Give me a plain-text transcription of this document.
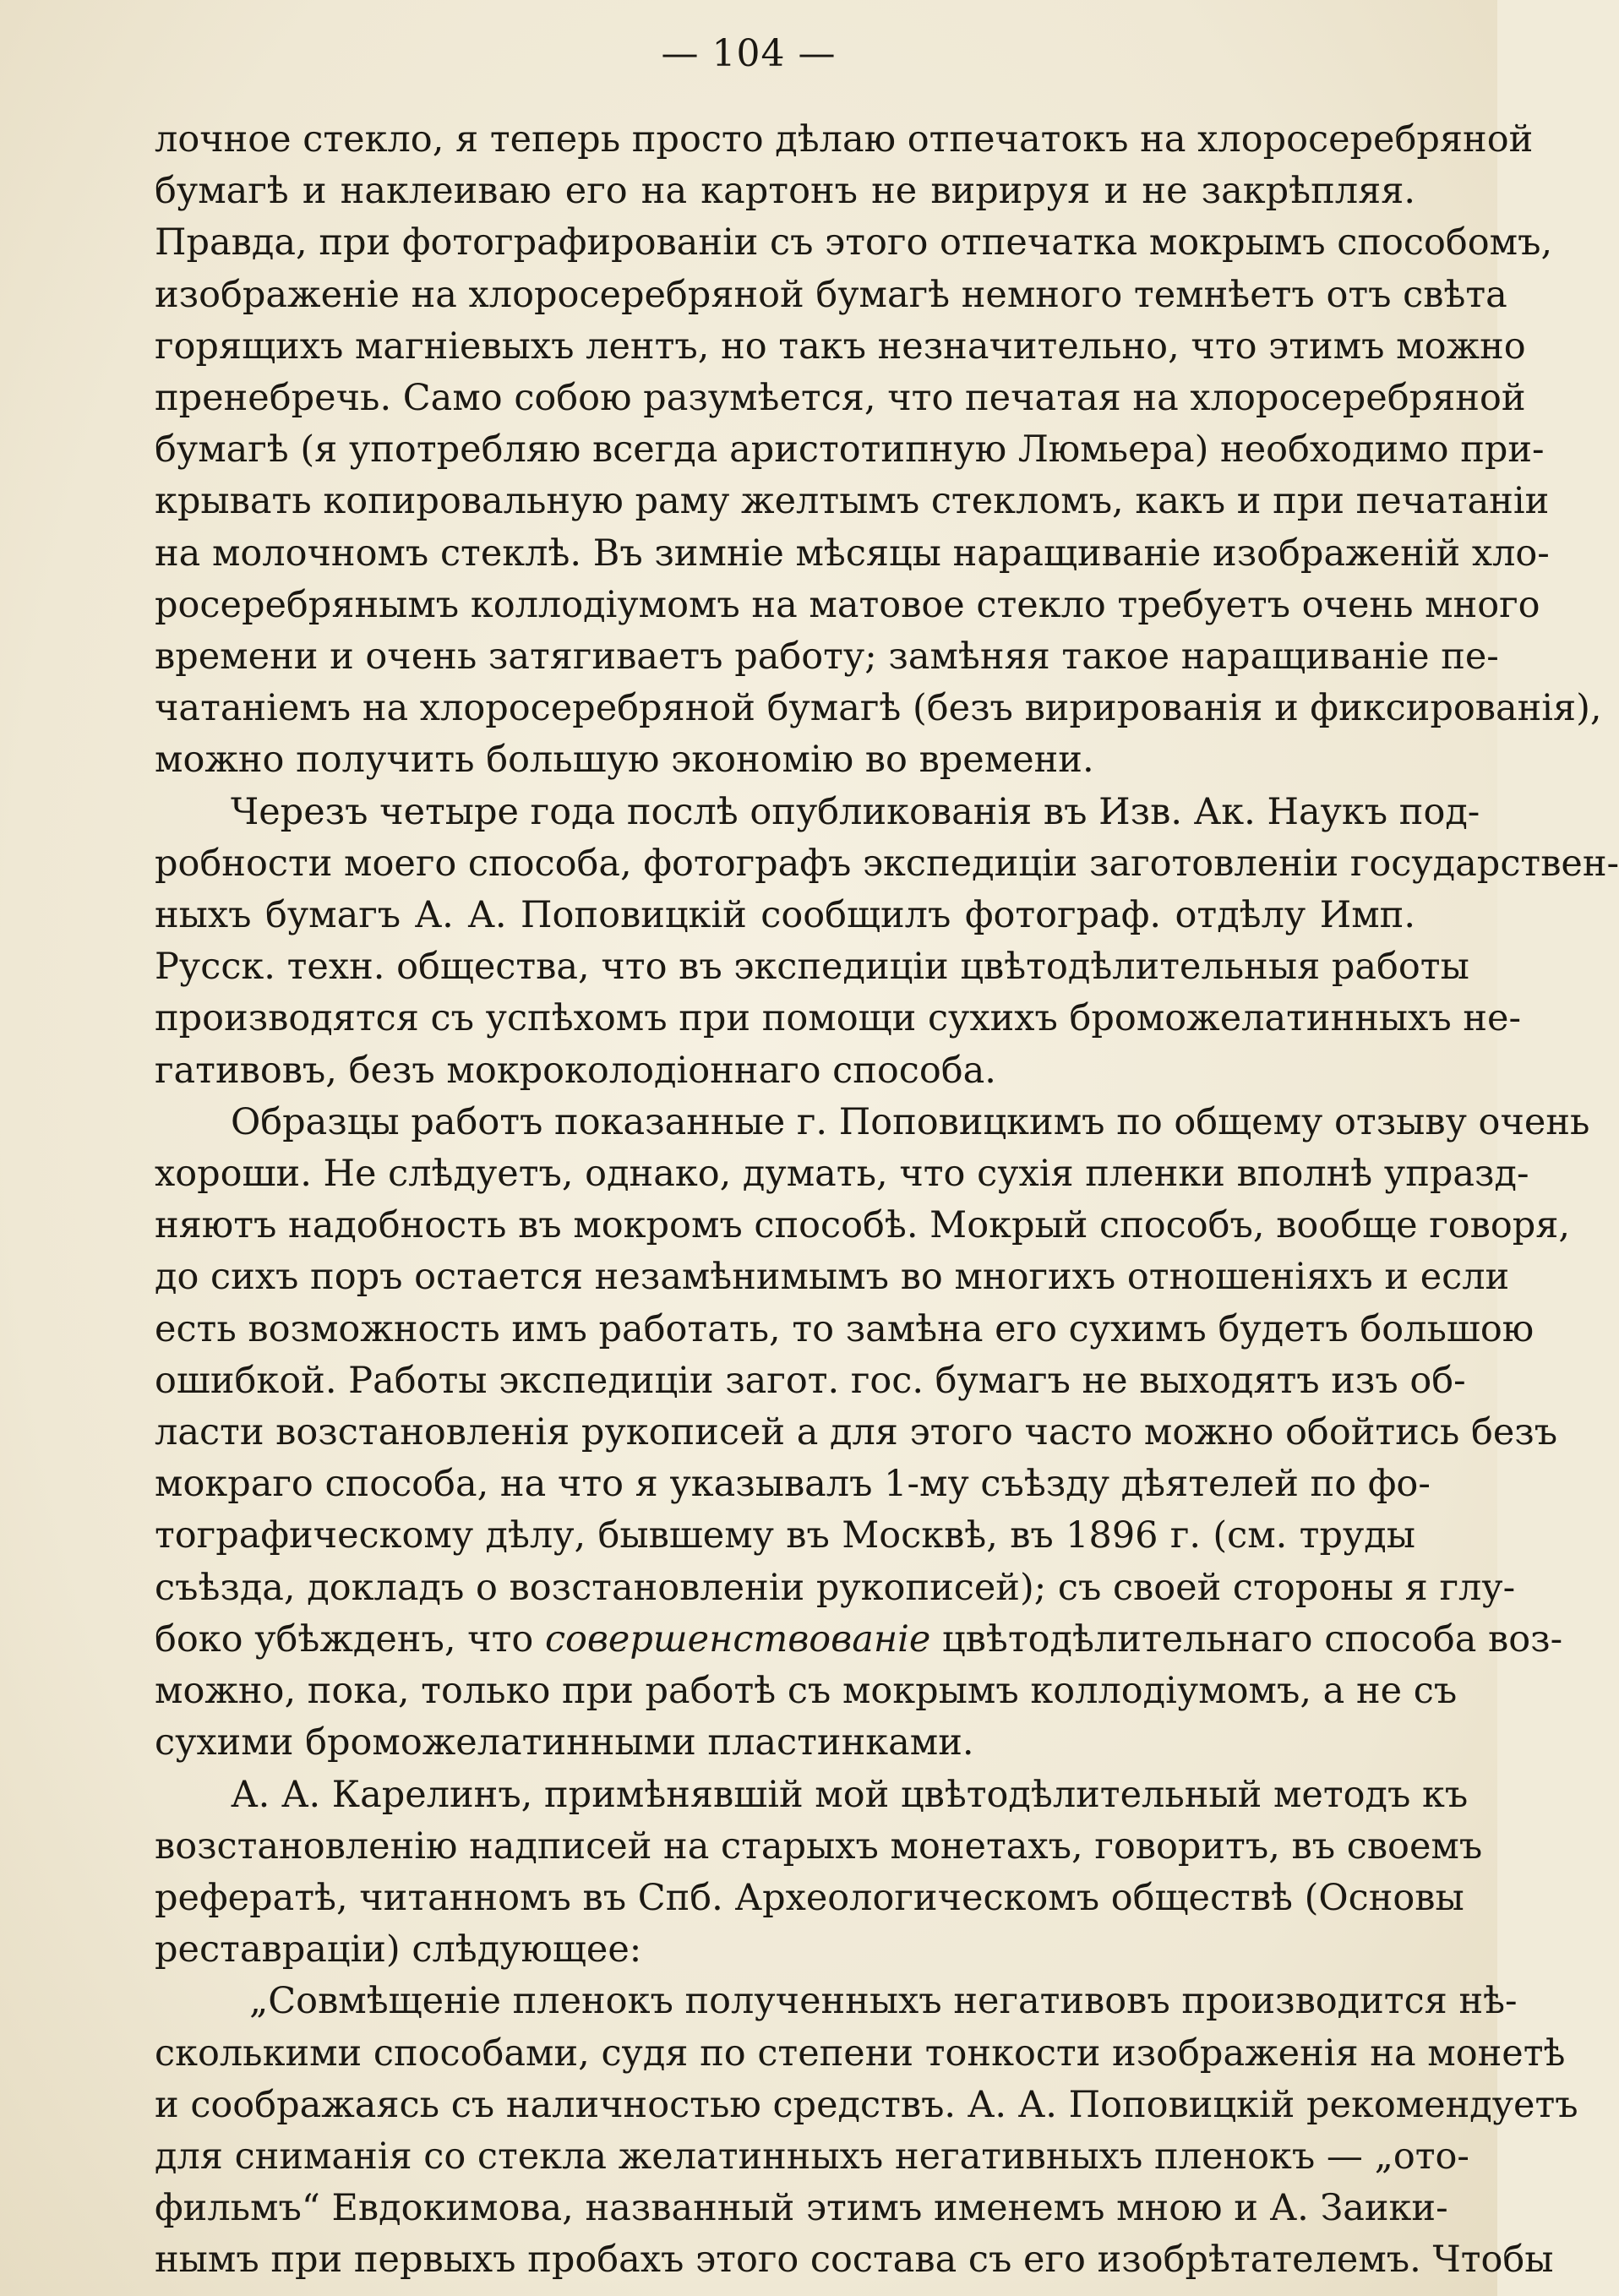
— 104 —

лочное стекло, я теперь просто дѣлаю отпечатокъ на хлоросеребряной
бумагѣ и наклеиваю его на картонъ не вирируя и не закрѣпляя.
Правда, при фотографированіи съ этого отпечатка мокрымъ способомъ,
изображеніе на хлоросеребряной бумагѣ немного темнѣетъ отъ свѣта
горящихъ магніевыхъ лентъ, но такъ незначительно, что этимъ можно
пренебречь. Само собою разумѣется, что печатая на хлоросеребряной
бумагѣ (я употребляю всегда аристотипную Люмьера) необходимо при-
крывать копировальную раму желтымъ стекломъ, какъ и при печатаніи
на молочномъ стеклѣ. Въ зимніе мѣсяцы наращиваніе изображеній хло-
росеребрянымъ коллодіумомъ на матовое стекло требуетъ очень много
времени и очень затягиваетъ работу; замѣняя такое наращиваніе пе-
чатаніемъ на хлоросеребряной бумагѣ (безъ вирированія и фиксированія),
можно получить большую экономію во времени.

Черезъ четыре года послѣ опубликованія въ Изв. Ак. Наукъ под-
робности моего способа, фотографъ экспедиціи заготовленіи государствен-
ныхъ бумагъ А. А. Поповицкій сообщилъ фотограф. отдѣлу Имп.
Русск. техн. общества, что въ экспедиціи цвѣтодѣлительныя работы
производятся съ успѣхомъ при помощи сухихъ броможелатинныхъ не-
гативовъ, безъ мокроколодіоннаго способа.

Образцы работъ показанные г. Поповицкимъ по общему отзыву очень
хороши. Не слѣдуетъ, однако, думать, что сухія пленки вполнѣ упразд-
няютъ надобность въ мокромъ способѣ. Мокрый способъ, вообще говоря,
до сихъ поръ остается незамѣнимымъ во многихъ отношеніяхъ и если
есть возможность имъ работать, то замѣна его сухимъ будетъ большою
ошибкой. Работы экспедиціи загот. гос. бумагъ не выходятъ изъ об-
ласти возстановленія рукописей а для этого часто можно обойтись безъ
мокраго способа, на что я указывалъ 1-му съѣзду дѣятелей по фо-
тографическому дѣлу, бывшему въ Москвѣ, въ 1896 г. (см. труды
съѣзда, докладъ о возстановленіи рукописей); съ своей стороны я глу-
боко убѣжденъ, что совершенствованіе цвѣтодѣлительнагo способа воз-
можно, пока, только при работѣ съ мокрымъ коллодіумомъ, а не съ
сухими броможелатинными пластинками.

А. А. Карелинъ, примѣнявшій мой цвѣтодѣлительный методъ къ
возстановленію надписей на старыхъ монетахъ, говоритъ, въ своемъ
рефератѣ, читанномъ въ Спб. Археологическомъ обществѣ (Основы
реставраціи) слѣдующее:

„Совмѣщеніе пленокъ полученныхъ негативовъ производится нѣ-
сколькими способами, судя по степени тонкости изображенія на монетѣ
и соображаясь съ наличностью средствъ. А. А. Поповицкій рекомендуетъ
для сниманія со стекла желатинныхъ негативныхъ пленокъ — „ото-
фильмъ“ Евдокимова, названный этимъ именемъ мною и А. Заики-
нымъ при первыхъ пробахъ этого состава съ его изобрѣтателемъ. Чтобы
